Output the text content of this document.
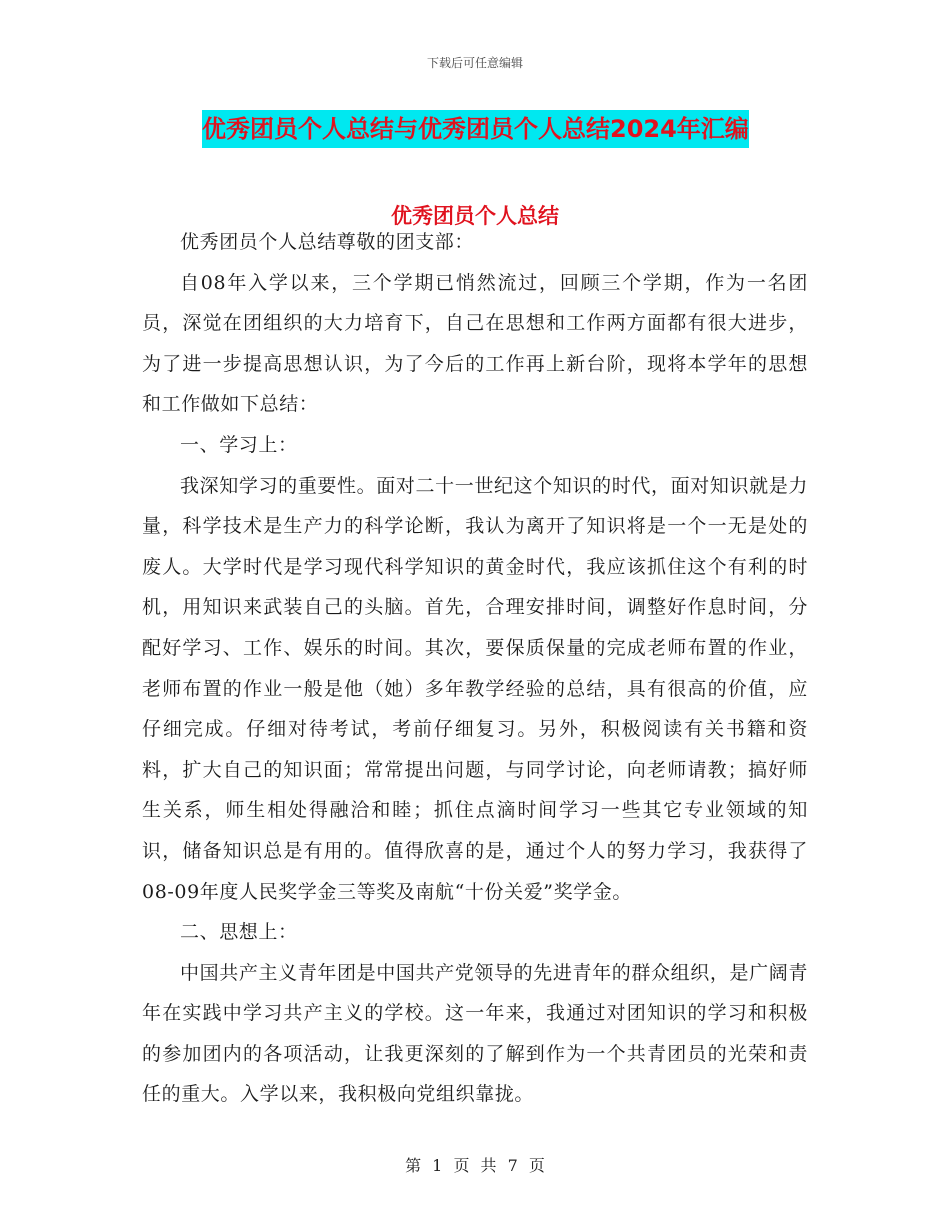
下载后可任意编辑
优秀团员个人总结与优秀团员个人总结2024年汇编
优秀团员个人总结

优秀团员个人总结尊敬的团支部：

自08年入学以来，三个学期已悄然流过，回顾三个学期，作为一名团员，深觉在团组织的大力培育下，自己在思想和工作两方面都有很大进步，为了进一步提高思想认识，为了今后的工作再上新台阶，现将本学年的思想和工作做如下总结：

一、学习上：

我深知学习的重要性。面对二十一世纪这个知识的时代，面对知识就是力量，科学技术是生产力的科学论断，我认为离开了知识将是一个一无是处的废人。大学时代是学习现代科学知识的黄金时代，我应该抓住这个有利的时机，用知识来武装自己的头脑。首先，合理安排时间，调整好作息时间，分配好学习、工作、娱乐的时间。其次，要保质保量的完成老师布置的作业，老师布置的作业一般是他（她）多年教学经验的总结，具有很高的价值，应仔细完成。仔细对待考试，考前仔细复习。另外，积极阅读有关书籍和资料，扩大自己的知识面；常常提出问题，与同学讨论，向老师请教；搞好师生关系，师生相处得融洽和睦；抓住点滴时间学习一些其它专业领域的知识，储备知识总是有用的。值得欣喜的是，通过个人的努力学习，我获得了08-09年度人民奖学金三等奖及南航“十份关爱”奖学金。

二、思想上：

中国共产主义青年团是中国共产党领导的先进青年的群众组织，是广阔青年在实践中学习共产主义的学校。这一年来，我通过对团知识的学习和积极的参加团内的各项活动，让我更深刻的了解到作为一个共青团员的光荣和责任的重大。入学以来，我积极向党组织靠拢。

第 1 页 共 7 页
